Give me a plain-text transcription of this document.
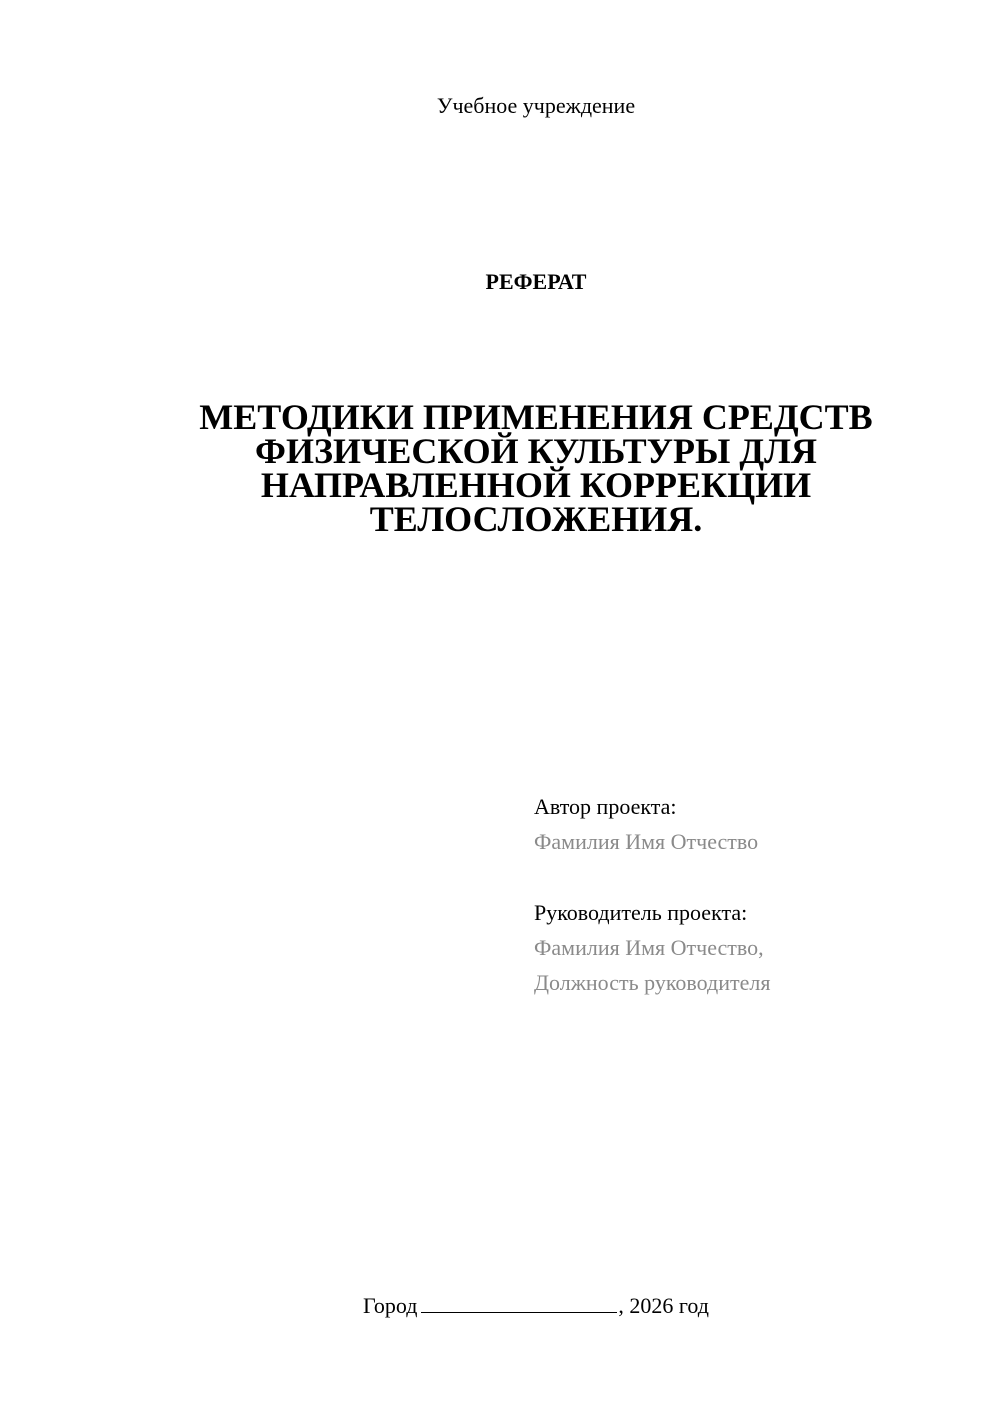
Учебное учреждение
РЕФЕРАТ
МЕТОДИКИ ПРИМЕНЕНИЯ СРЕДСТВ
ФИЗИЧЕСКОЙ КУЛЬТУРЫ ДЛЯ
НАПРАВЛЕННОЙ КОРРЕКЦИИ
ТЕЛОСЛОЖЕНИЯ.
Автор проекта:
Фамилия Имя Отчество
Руководитель проекта:
Фамилия Имя Отчество,
Должность руководителя
Город	, 2026 год
